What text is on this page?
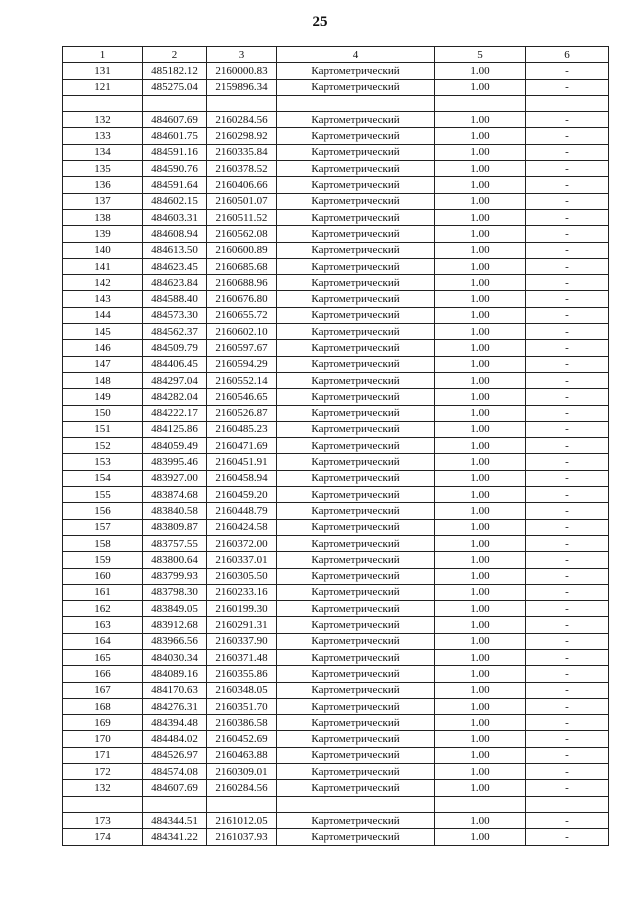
25
1	2	3	4	5	6
131	485182.12	2160000.83	Картометрический	1.00	-
121	485275.04	2159896.34	Картометрический	1.00	-

132	484607.69	2160284.56	Картометрический	1.00	-
133	484601.75	2160298.92	Картометрический	1.00	-
134	484591.16	2160335.84	Картометрический	1.00	-
135	484590.76	2160378.52	Картометрический	1.00	-
136	484591.64	2160406.66	Картометрический	1.00	-
137	484602.15	2160501.07	Картометрический	1.00	-
138	484603.31	2160511.52	Картометрический	1.00	-
139	484608.94	2160562.08	Картометрический	1.00	-
140	484613.50	2160600.89	Картометрический	1.00	-
141	484623.45	2160685.68	Картометрический	1.00	-
142	484623.84	2160688.96	Картометрический	1.00	-
143	484588.40	2160676.80	Картометрический	1.00	-
144	484573.30	2160655.72	Картометрический	1.00	-
145	484562.37	2160602.10	Картометрический	1.00	-
146	484509.79	2160597.67	Картометрический	1.00	-
147	484406.45	2160594.29	Картометрический	1.00	-
148	484297.04	2160552.14	Картометрический	1.00	-
149	484282.04	2160546.65	Картометрический	1.00	-
150	484222.17	2160526.87	Картометрический	1.00	-
151	484125.86	2160485.23	Картометрический	1.00	-
152	484059.49	2160471.69	Картометрический	1.00	-
153	483995.46	2160451.91	Картометрический	1.00	-
154	483927.00	2160458.94	Картометрический	1.00	-
155	483874.68	2160459.20	Картометрический	1.00	-
156	483840.58	2160448.79	Картометрический	1.00	-
157	483809.87	2160424.58	Картометрический	1.00	-
158	483757.55	2160372.00	Картометрический	1.00	-
159	483800.64	2160337.01	Картометрический	1.00	-
160	483799.93	2160305.50	Картометрический	1.00	-
161	483798.30	2160233.16	Картометрический	1.00	-
162	483849.05	2160199.30	Картометрический	1.00	-
163	483912.68	2160291.31	Картометрический	1.00	-
164	483966.56	2160337.90	Картометрический	1.00	-
165	484030.34	2160371.48	Картометрический	1.00	-
166	484089.16	2160355.86	Картометрический	1.00	-
167	484170.63	2160348.05	Картометрический	1.00	-
168	484276.31	2160351.70	Картометрический	1.00	-
169	484394.48	2160386.58	Картометрический	1.00	-
170	484484.02	2160452.69	Картометрический	1.00	-
171	484526.97	2160463.88	Картометрический	1.00	-
172	484574.08	2160309.01	Картометрический	1.00	-
132	484607.69	2160284.56	Картометрический	1.00	-

173	484344.51	2161012.05	Картометрический	1.00	-
174	484341.22	2161037.93	Картометрический	1.00	-
